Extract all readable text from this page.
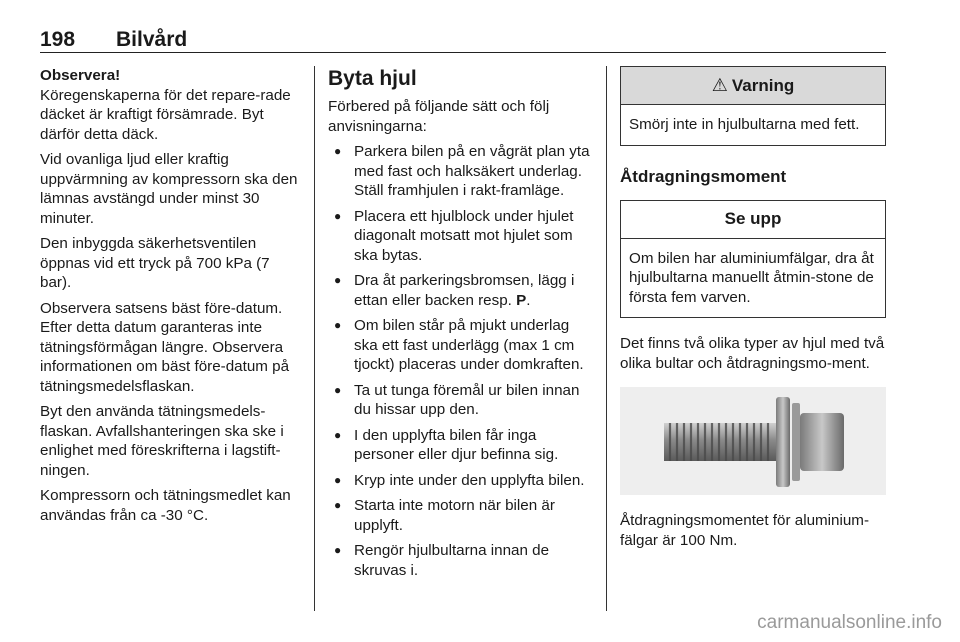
198 Bilvård

Observera!

Köregenskaperna för det repare-rade däcket är kraftigt försämrade. Byt därför detta däck.

Vid ovanliga ljud eller kraftig uppvärmning av kompressorn ska den lämnas avstängd under minst 30 minuter.

Den inbyggda säkerhetsventilen öppnas vid ett tryck på 700 kPa (7 bar).

Observera satsens bäst före-datum. Efter detta datum garanteras inte tätningsförmågan längre. Observera informationen om bäst före-datum på tätningsmedelsflaskan.

Byt den använda tätningsmedels-flaskan. Avfallshanteringen ska ske i enlighet med föreskrifterna i lagstift-ningen.

Kompressorn och tätningsmedlet kan användas från ca -30 °C.

Byta hjul

Förbered på följande sätt och följ anvisningarna:

● Parkera bilen på en vågrät plan yta med fast och halksäkert underlag. Ställ framhjulen i rakt-framläge.
● Placera ett hjulblock under hjulet diagonalt motsatt mot hjulet som ska bytas.
● Dra åt parkeringsbromsen, lägg i ettan eller backen resp. P.
● Om bilen står på mjukt underlag ska ett fast underlägg (max 1 cm tjockt) placeras under domkraften.
● Ta ut tunga föremål ur bilen innan du hissar upp den.
● I den upplyfta bilen får inga personer eller djur befinna sig.
● Kryp inte under den upplyfta bilen.
● Starta inte motorn när bilen är upplyft.
● Rengör hjulbultarna innan de skruvas i.
⚠ Varning
Smörj inte in hjulbultarna med fett.
Åtdragningsmoment
Se upp
Om bilen har aluminiumfälgar, dra åt hjulbultarna manuellt åtmin-stone de första fem varven.

Det finns två olika typer av hjul med två olika bultar och åtdragningsmo-ment.

Åtdragningsmomentet för aluminium-fälgar är 100 Nm.

carmanualsonline.info
